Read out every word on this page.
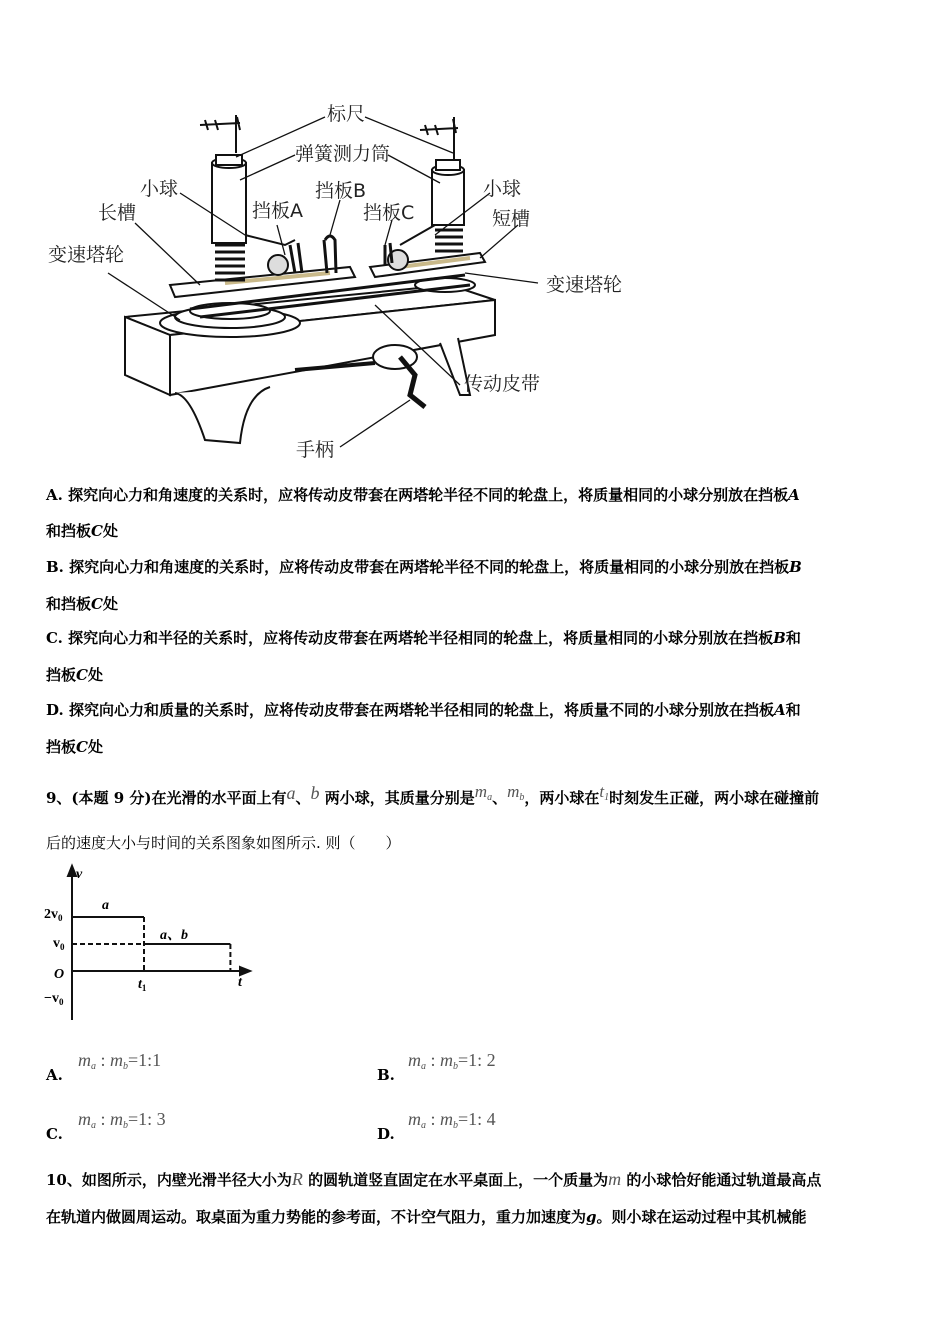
标尺
弹簧测力筒
小球	小球
挡板A
挡板B
挡板C
长槽	短槽
变速塔轮
变速塔轮
传动皮带
手柄
A. 探究向心力和角速度的关系时，应将传动皮带套在两塔轮半径不同的轮盘上，将质量相同的小球分别放在挡板A
和挡板C处
B. 探究向心力和角速度的关系时，应将传动皮带套在两塔轮半径不同的轮盘上，将质量相同的小球分别放在挡板B
和挡板C处
C. 探究向心力和半径的关系时，应将传动皮带套在两塔轮半径相同的轮盘上，将质量相同的小球分别放在挡板B和
挡板C处
D. 探究向心力和质量的关系时，应将传动皮带套在两塔轮半径相同的轮盘上，将质量不同的小球分别放在挡板A和
挡板C处
9、(本题 9 分)在光滑的水平面上有a、b 两小球，其质量分别是$m_a$、$m_b$，两小球在$t_1$时刻发生正碰，两小球在碰撞前
后的速度大小与时间的关系图象如图所示. 则（　　）
v
t
O
$2v_0$
$v_0$
$-v_0$
$t_1$
a
a、b
A.
$m_a$ : $m_b=1:1$
B.
$m_a$ : $m_b=1$: 2
C.
$m_a$ : $m_b=1$: 3
D.
$m_a$ : $m_b=1$: 4
10、如图所示，内壁光滑半径大小为R 的圆轨道竖直固定在水平桌面上，一个质量为m 的小球恰好能通过轨道最高点
在轨道内做圆周运动。取桌面为重力势能的参考面，不计空气阻力，重力加速度为g。则小球在运动过程中其机械能
